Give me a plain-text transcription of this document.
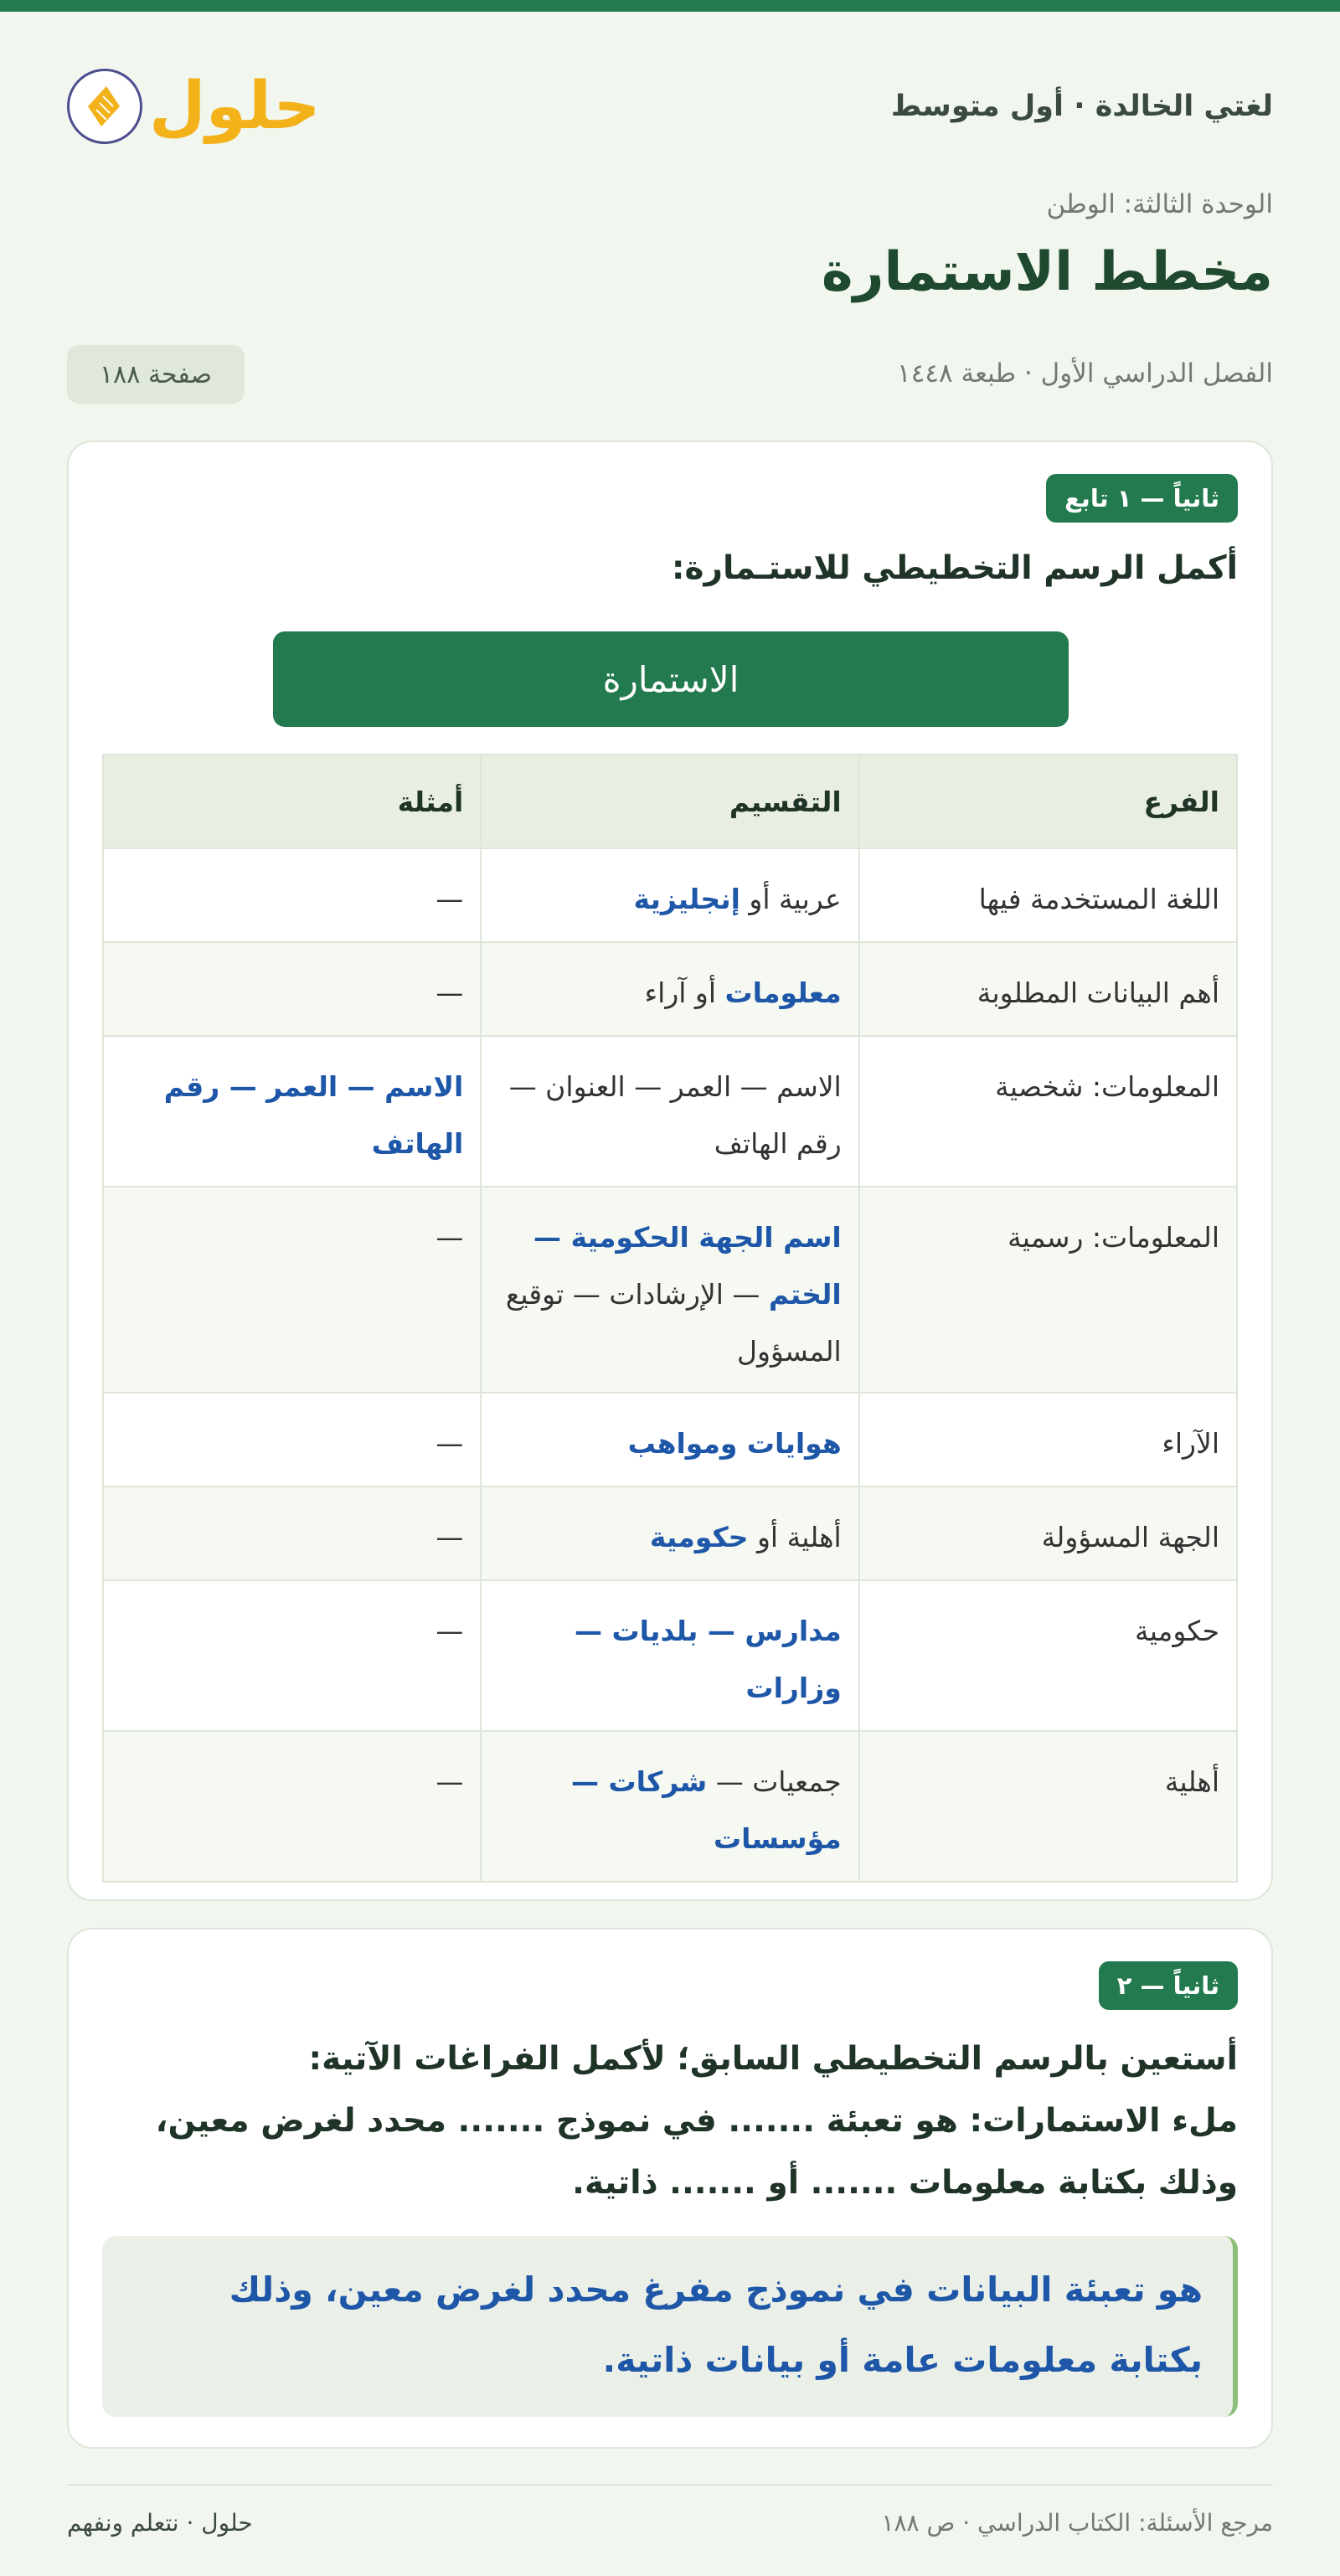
لغتي الخالدة · أول متوسط
حلول
الوحدة الثالثة: الوطن
مخطط الاستمارة
الفصل الدراسي الأول · طبعة ١٤٤٨
صفحة ١٨٨
ثانياً — ١ تابع
أكمل الرسم التخطيطي للاستـمارة:
الاستمارة
الفرع	التقسيم	أمثلة
اللغة المستخدمة فيها	عربية أو إنجليزية	—
أهم البيانات المطلوبة	معلومات أو آراء	—
المعلومات: شخصية	الاسم — العمر — العنوان — رقم الهاتف	الاسم — العمر — رقم الهاتف
المعلومات: رسمية	اسم الجهة الحكومية — الختم — الإرشادات — توقيع المسؤول	—
الآراء	هوايات ومواهب	—
الجهة المسؤولة	أهلية أو حكومية	—
حكومية	مدارس — بلديات — وزارات	—
أهلية	جمعيات — شركات — مؤسسات	—
ثانياً — ٢
أستعين بالرسم التخطيطي السابق؛ لأكمل الفراغات الآتية:
ملء الاستمارات: هو تعبئة ....... في نموذج ....... محدد لغرض معين، وذلك بكتابة معلومات ....... أو ....... ذاتية.
هو تعبئة البيانات في نموذج مفرغ محدد لغرض معين، وذلك بكتابة معلومات عامة أو بيانات ذاتية.
مرجع الأسئلة: الكتاب الدراسي · ص ١٨٨
حلول · نتعلم ونفهم
